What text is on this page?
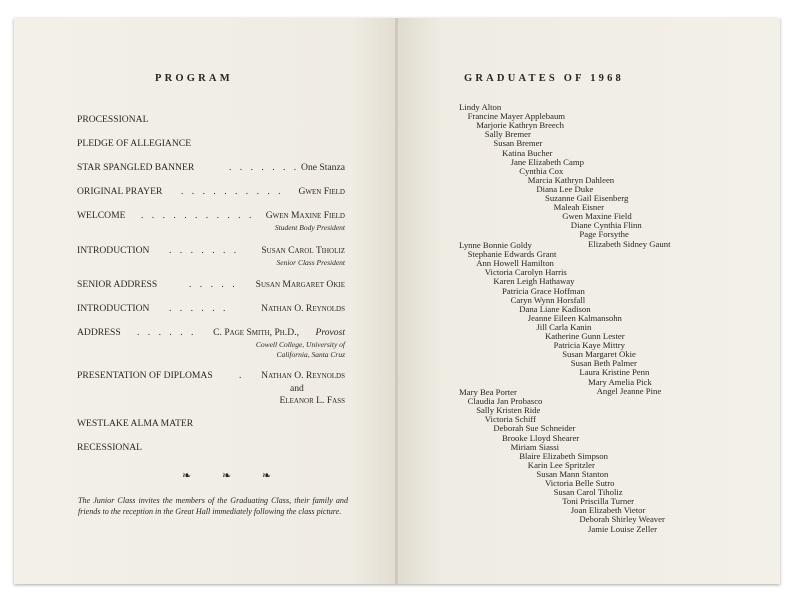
PROGRAM
PROCESSIONAL
PLEDGE OF ALLEGIANCE
STAR SPANGLED BANNER	. . . . . . . One Stanza
ORIGINAL PRAYER . . . . . . . . . . Gwen Field
WELCOME . . . . . . . . . . . Gwen Maxine Field
Student Body President
INTRODUCTION . . . . . . . Susan Carol Tiholiz
Senior Class President
SENIOR ADDRESS	. . . . . Susan Margaret Okie
INTRODUCTION . . . . . .	Nathan O. Reynolds
ADDRESS . . . . . . C. Page Smith, Ph.D., Provost
Cowell College, University of
California, Santa Cruz
PRESENTATION OF DIPLOMAS	Nathan O. Reynolds
.
and
Eleanor L. Fass
WESTLAKE ALMA MATER
RECESSIONAL
❧ ❧ ❧
The Junior Class invites the members of the Graduating Class, their family and friends to the reception in the Great Hall immediately following the class picture.
GRADUATES OF 1968
Lindy Alton
Francine Mayer Applebaum
Marjorie Kathryn Breech
Sally Bremer
Susan Bremer
Katina Bucher
Jane Elizabeth Camp
Cynthia Cox
Marcia Kathryn Dahleen
Diana Lee Duke
Suzanne Gail Eisenberg
Maleah Eisner
Gwen Maxine Field
Diane Cynthia Flinn
Page Forsythe
Elizabeth Sidney Gaunt
Lynne Bonnie Goldy
Stephanie Edwards Grant
Ann Howell Hamilton
Victoria Carolyn Harris
Karen Leigh Hathaway
Patricia Grace Hoffman
Caryn Wynn Horsfall
Dana Liane Kadison
Jeanne Eileen Kalmansohn
Jill Carla Kanin
Katherine Gunn Lester
Patricia Kaye Mittry
Susan Margaret Okie
Susan Beth Palmer
Laura Kristine Penn
Mary Amelia Pick
Angel Jeanne Pine
Mary Bea Porter
Claudia Jan Probasco
Sally Kristen Ride
Victoria Schiff
Deborah Sue Schneider
Brooke Lloyd Shearer
Miriam Siassi
Blaire Elizabeth Simpson
Karin Lee Spritzler
Susan Mann Stanton
Victoria Belle Sutro
Susan Carol Tiholiz
Toni Priscilla Turner
Joan Elizabeth Vietor
Deborah Shirley Weaver
Jamie Louise Zeller
